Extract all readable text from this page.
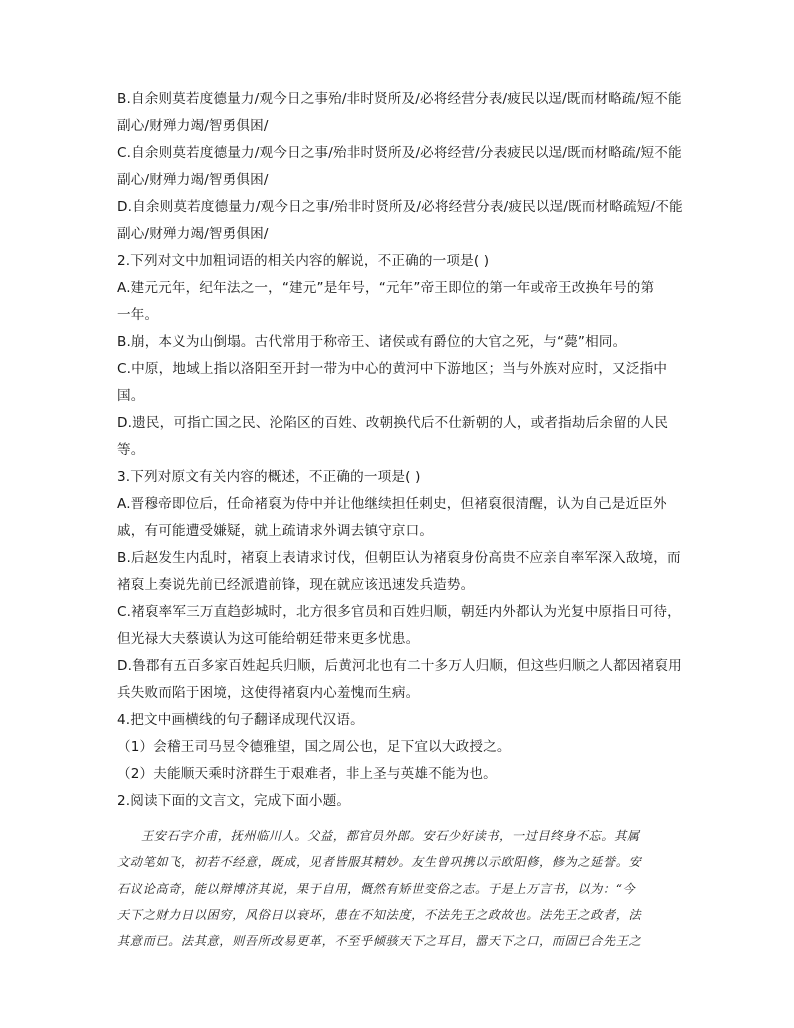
B.自余则莫若度德量力/观今日之事殆/非时贤所及/必将经营分表/疲民以逞/既而材略疏/短不能
副心/财殚力竭/智勇俱困/
C.自余则莫若度德量力/观今日之事/殆非时贤所及/必将经营/分表疲民以逞/既而材略疏/短不能
副心/财殚力竭/智勇俱困/
D.自余则莫若度德量力/观今日之事/殆非时贤所及/必将经营分表/疲民以逞/既而材略疏短/不能
副心/财殚力竭/智勇俱困/
2.下列对文中加粗词语的相关内容的解说，不正确的一项是( )
A.建元元年，纪年法之一，“建元”是年号，“元年”帝王即位的第一年或帝王改换年号的第
一年。
B.崩，本义为山倒塌。古代常用于称帝王、诸侯或有爵位的大官之死，与“薨”相同。
C.中原，地域上指以洛阳至开封一带为中心的黄河中下游地区；当与外族对应时，又泛指中
国。
D.遗民，可指亡国之民、沦陷区的百姓、改朝换代后不仕新朝的人，或者指劫后余留的人民
等。
3.下列对原文有关内容的概述，不正确的一项是( )
A.晋穆帝即位后，任命褚裒为侍中并让他继续担任刺史，但褚裒很清醒，认为自己是近臣外
戚，有可能遭受嫌疑，就上疏请求外调去镇守京口。
B.后赵发生内乱时，褚裒上表请求讨伐，但朝臣认为褚裒身份高贵不应亲自率军深入敌境，而
褚裒上奏说先前已经派遣前锋，现在就应该迅速发兵造势。
C.褚裒率军三万直趋彭城时，北方很多官员和百姓归顺，朝廷内外都认为光复中原指日可待，
但光禄大夫蔡谟认为这可能给朝廷带来更多忧患。
D.鲁郡有五百多家百姓起兵归顺，后黄河北也有二十多万人归顺，但这些归顺之人都因褚裒用
兵失败而陷于困境，这使得褚裒内心羞愧而生病。
4.把文中画横线的句子翻译成现代汉语。
（1）会稽王司马昱令德雅望，国之周公也，足下宜以大政授之。
（2）夫能顺天乘时济群生于艰难者，非上圣与英雄不能为也。
2.阅读下面的文言文，完成下面小题。
王安石字介甫，抚州临川人。父益，都官员外郎。安石少好读书，一过目终身不忘。其属
文动笔如飞，初若不经意，既成，见者皆服其精妙。友生曾巩携以示欧阳修，修为之延誉。安
石议论高奇，能以辩博济其说，果于自用，慨然有矫世变俗之志。于是上万言书，以为：“今
天下之财力日以困穷，风俗日以衰坏，患在不知法度，不法先王之政故也。法先王之政者，法
其意而已。法其意，则吾所改易更革，不至乎倾骇天下之耳目，嚣天下之口，而固已合先王之
